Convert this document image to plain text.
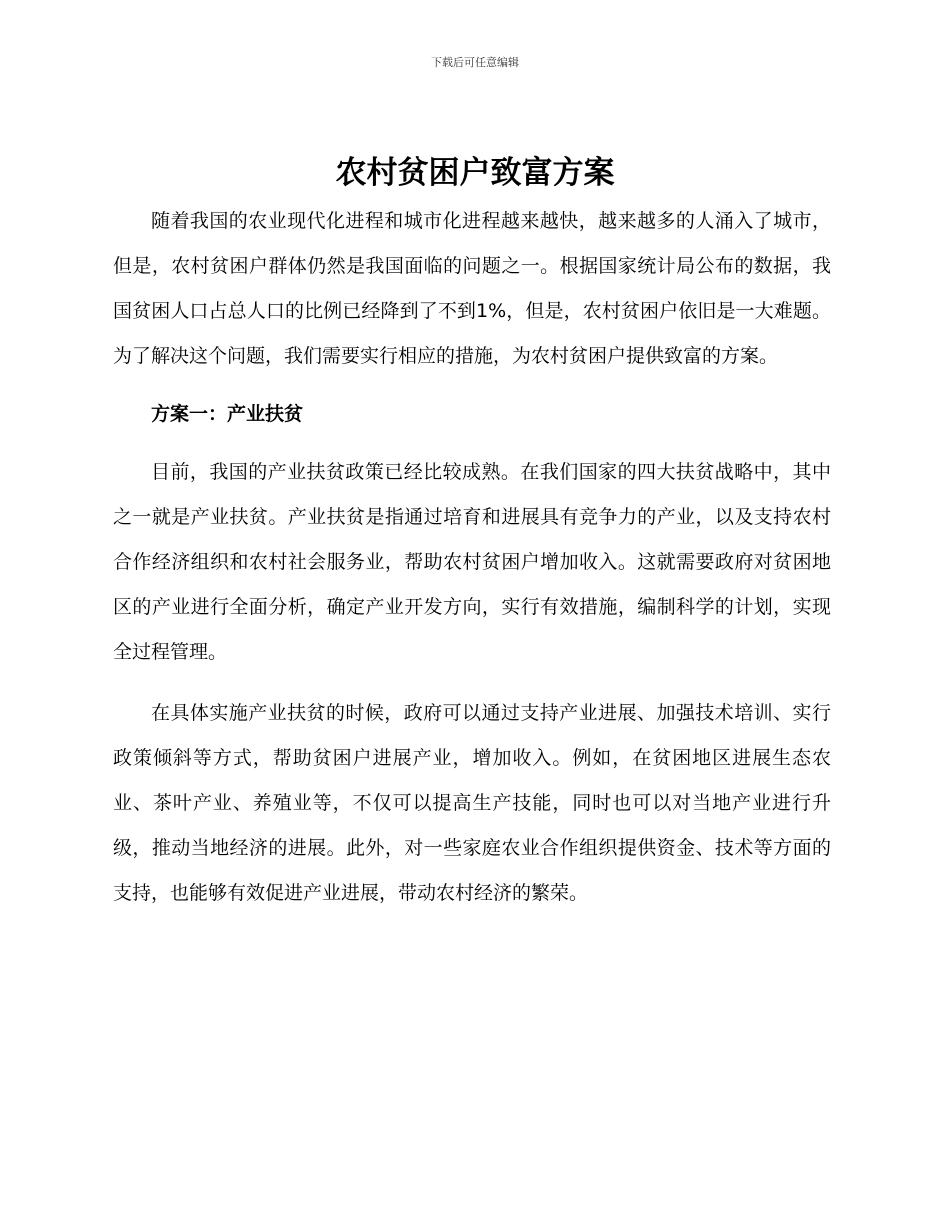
下载后可任意编辑
农村贫困户致富方案

随着我国的农业现代化进程和城市化进程越来越快，越来越多的人涌入了城市，但是，农村贫困户群体仍然是我国面临的问题之一。根据国家统计局公布的数据，我国贫困人口占总人口的比例已经降到了不到1%，但是，农村贫困户依旧是一大难题。为了解决这个问题，我们需要实行相应的措施，为农村贫困户提供致富的方案。

方案一：产业扶贫

目前，我国的产业扶贫政策已经比较成熟。在我们国家的四大扶贫战略中，其中之一就是产业扶贫。产业扶贫是指通过培育和进展具有竞争力的产业，以及支持农村合作经济组织和农村社会服务业，帮助农村贫困户增加收入。这就需要政府对贫困地区的产业进行全面分析，确定产业开发方向，实行有效措施，编制科学的计划，实现全过程管理。

在具体实施产业扶贫的时候，政府可以通过支持产业进展、加强技术培训、实行政策倾斜等方式，帮助贫困户进展产业，增加收入。例如，在贫困地区进展生态农业、茶叶产业、养殖业等，不仅可以提高生产技能，同时也可以对当地产业进行升级，推动当地经济的进展。此外，对一些家庭农业合作组织提供资金、技术等方面的支持，也能够有效促进产业进展，带动农村经济的繁荣。
